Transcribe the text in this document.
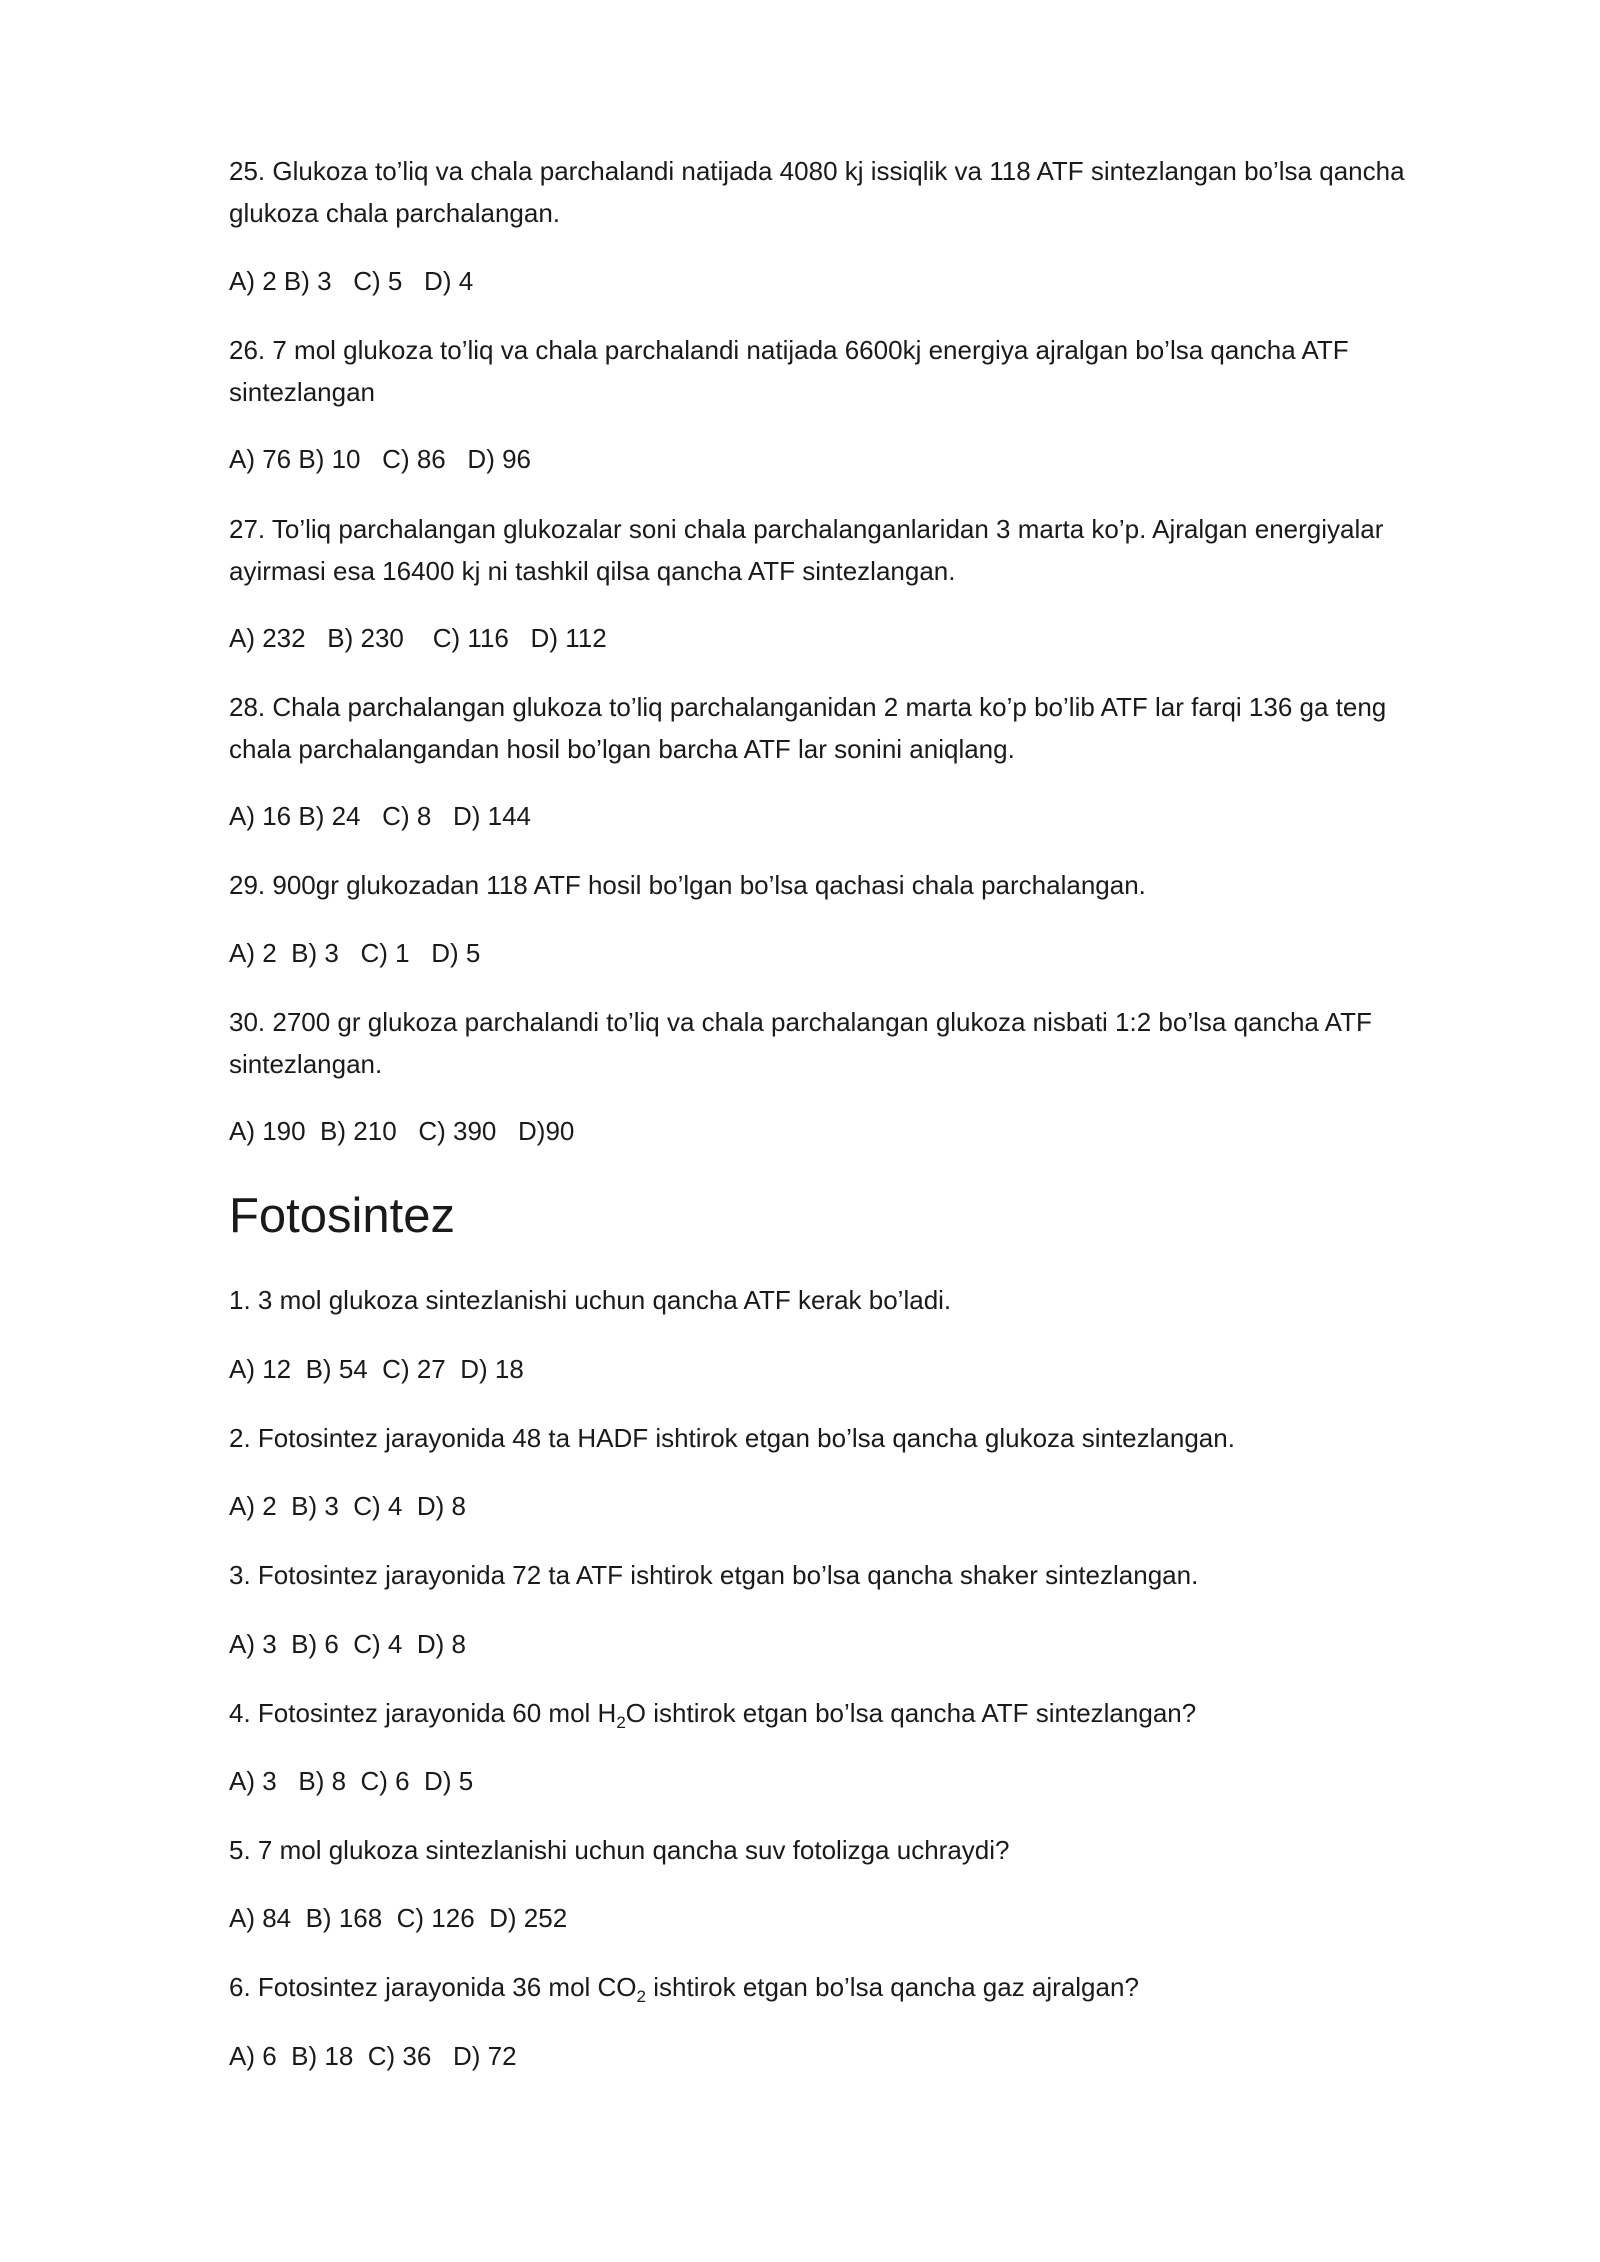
25. Glukoza to’liq va chala parchalandi natijada 4080 kj issiqlik va 118 ATF sintezlangan bo’lsa qancha glukoza chala parchalangan.
A) 2 B) 3   C) 5   D) 4
26. 7 mol glukoza to’liq va chala parchalandi natijada 6600kj energiya ajralgan bo’lsa qancha ATF sintezlangan
A) 76 B) 10   C) 86   D) 96
27. To’liq parchalangan glukozalar soni chala parchalanganlaridan 3 marta ko’p. Ajralgan energiyalar ayirmasi esa 16400 kj ni tashkil qilsa qancha ATF sintezlangan.
A) 232   B) 230    C) 116   D) 112
28. Chala parchalangan glukoza to’liq parchalanganidan 2 marta ko’p bo’lib ATF lar farqi 136 ga teng chala parchalangandan hosil bo’lgan barcha ATF lar sonini aniqlang.
A) 16 B) 24   C) 8   D) 144
29. 900gr glukozadan 118 ATF hosil bo’lgan bo’lsa qachasi chala parchalangan.
A) 2  B) 3   C) 1   D) 5
30. 2700 gr glukoza parchalandi to’liq va chala parchalangan glukoza nisbati 1:2 bo’lsa qancha ATF sintezlangan.
A) 190  B) 210   C) 390   D)90
Fotosintez
1. 3 mol glukoza sintezlanishi uchun qancha ATF kerak bo’ladi.
A) 12  B) 54  C) 27  D) 18
2. Fotosintez jarayonida 48 ta HADF ishtirok etgan bo’lsa qancha glukoza sintezlangan.
A) 2  B) 3  C) 4  D) 8
3. Fotosintez jarayonida 72 ta ATF ishtirok etgan bo’lsa qancha shaker sintezlangan.
A) 3  B) 6  C) 4  D) 8
4. Fotosintez jarayonida 60 mol $H_2O$ ishtirok etgan bo’lsa qancha ATF sintezlangan?
A) 3   B) 8  C) 6  D) 5
5. 7 mol glukoza sintezlanishi uchun qancha suv fotolizga uchraydi?
A) 84  B) 168  C) 126  D) 252
6. Fotosintez jarayonida 36 mol $CO_2$ ishtirok etgan bo’lsa qancha gaz ajralgan?
A) 6  B) 18  C) 36   D) 72
